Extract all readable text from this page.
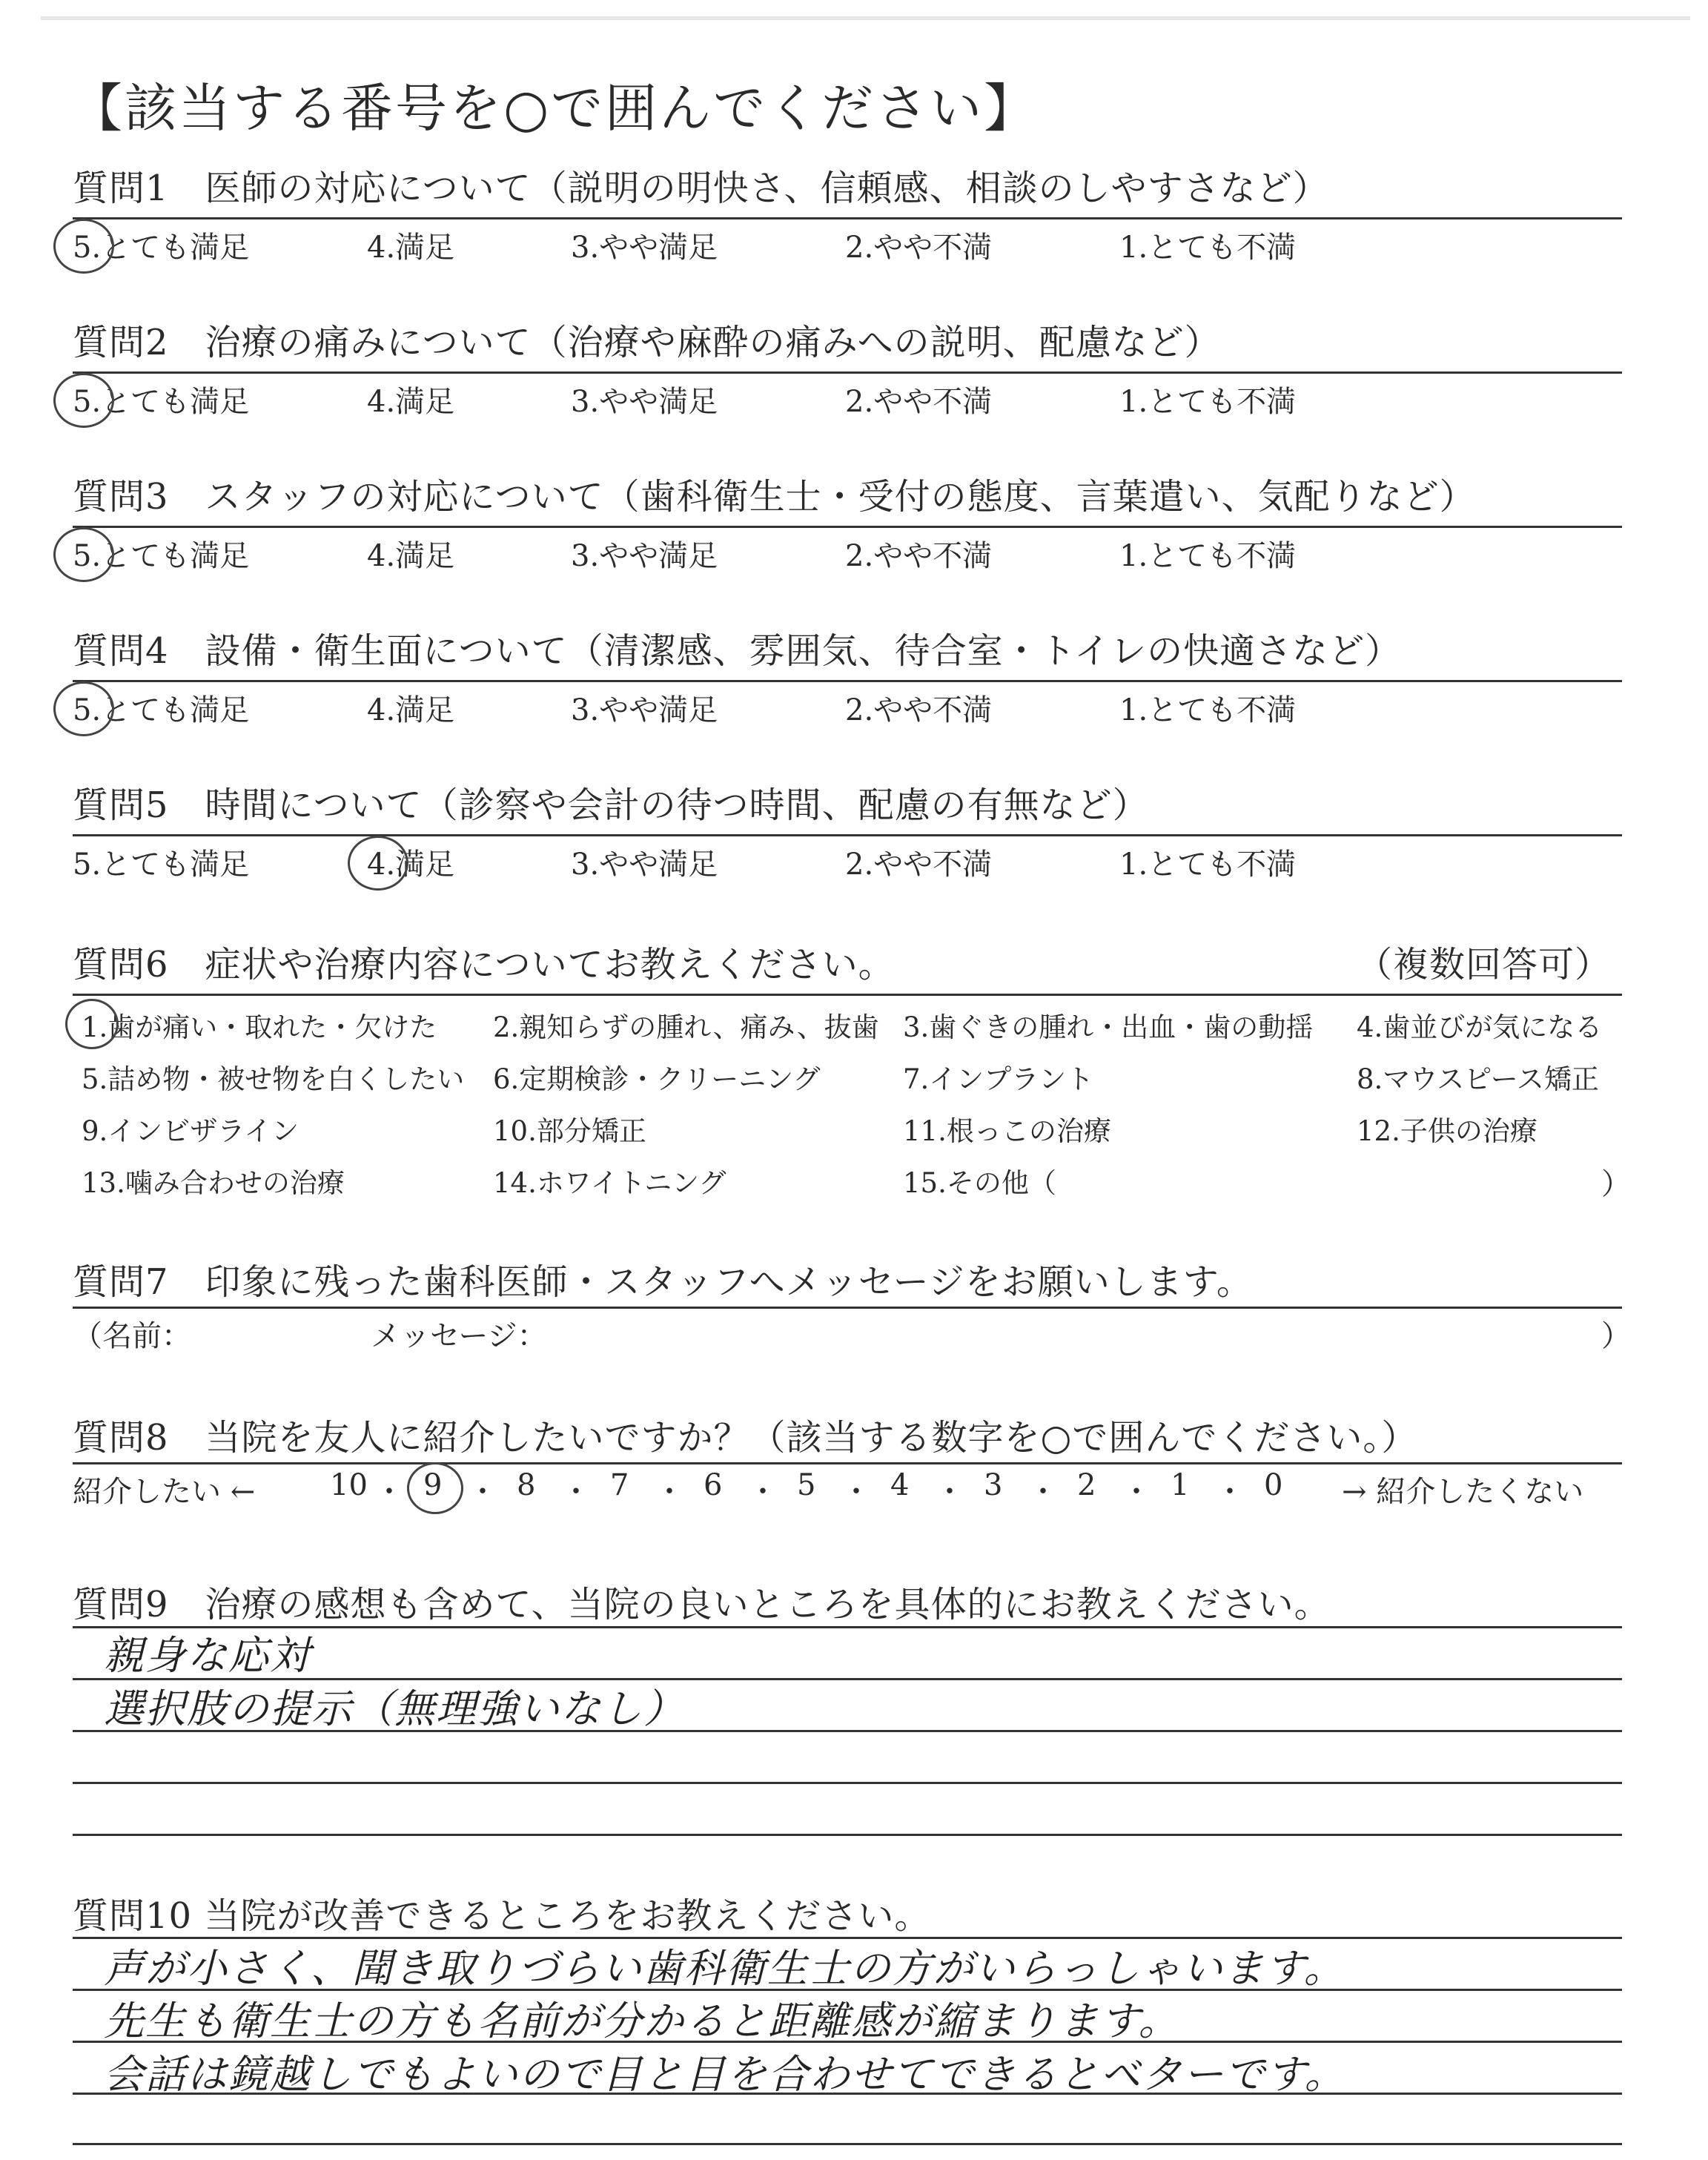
【該当する番号を○で囲んでください】
質問1　医師の対応について（説明の明快さ、信頼感、相談のしやすさなど）
5.とても満足	4.満足	3.やや満足	2.やや不満	1.とても不満
質問2　治療の痛みについて（治療や麻酔の痛みへの説明、配慮など）
5.とても満足	4.満足	3.やや満足	2.やや不満	1.とても不満
質問3　スタッフの対応について（歯科衛生士・受付の態度、言葉遣い、気配りなど）
5.とても満足	4.満足	3.やや満足	2.やや不満	1.とても不満
質問4　設備・衛生面について（清潔感、雰囲気、待合室・トイレの快適さなど）
5.とても満足	4.満足	3.やや満足	2.やや不満	1.とても不満
質問5　時間について（診察や会計の待つ時間、配慮の有無など）
5.とても満足	4.満足	3.やや満足	2.やや不満	1.とても不満
質問6　症状や治療内容についてお教えください。	（複数回答可）
1.歯が痛い・取れた・欠けた 2.親知らずの腫れ、痛み、抜歯 3.歯ぐきの腫れ・出血・歯の動揺 4.歯並びが気になる
5.詰め物・被せ物を白くしたい 6.定期検診・クリーニング	7.インプラント	8.マウスピース矯正
9.インビザライン	10.部分矯正	11.根っこの治療	12.子供の治療
13.噛み合わせの治療	14.ホワイトニング	15.その他（	）
質問7　印象に残った歯科医師・スタッフへメッセージをお願いします。
（名前：	メッセージ：	）
質問8　当院を友人に紹介したいですか？（該当する数字を○で囲んでください。）
紹介したい ←	10 ・ 9 ・ 8 ・ 7 ・ 6 ・ 5 ・ 4 ・ 3 ・ 2 ・ 1 ・ 0 → 紹介したくない
質問9　治療の感想も含めて、当院の良いところを具体的にお教えください。
親身な応対
選択肢の提示（無理強いなし）
質問10 当院が改善できるところをお教えください。
声が小さく、聞き取りづらい歯科衛生士の方がいらっしゃいます。
先生も衛生士の方も名前が分かると距離感が縮まります。
会話は鏡越しでもよいので目と目を合わせてできるとベターです。
